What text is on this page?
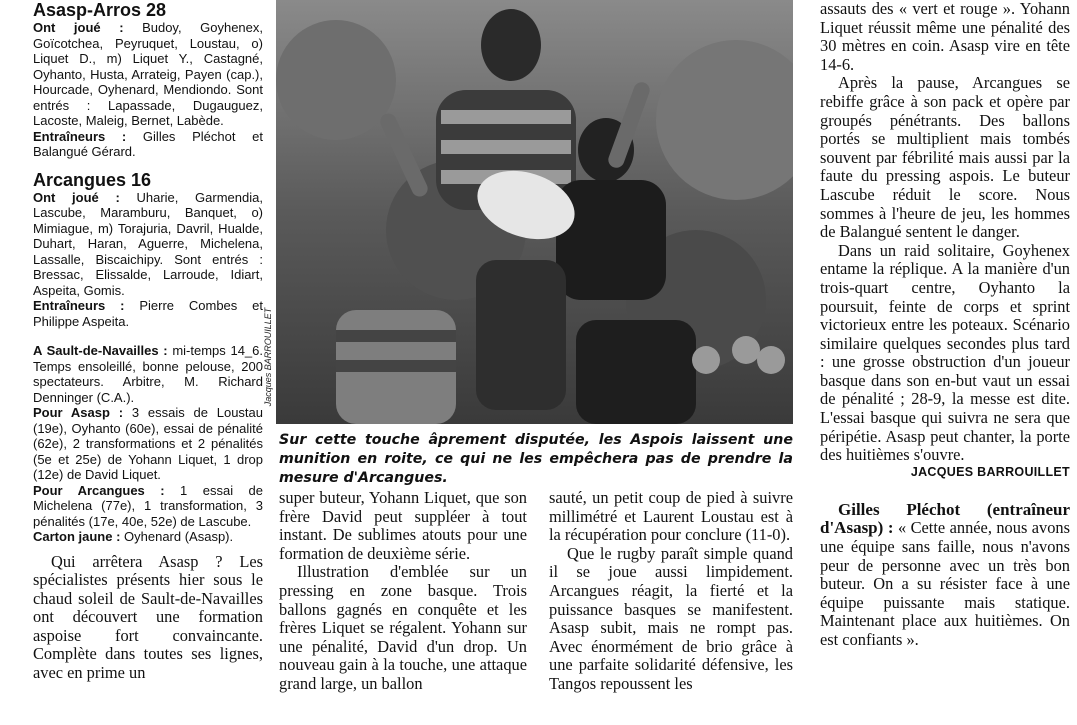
Asasp-Arros 28

Ont joué : Budoy, Goyhenex, Goïcotchea, Peyruquet, Loustau, o) Liquet D., m) Liquet Y., Castagné, Oyhanto, Husta, Arrateig, Payen (cap.), Hourcade, Oyhenard, Mendiondo. Sont entrés : Lapassade, Dugauguez, Lacoste, Maleig, Bernet, Labède.

Entraîneurs : Gilles Pléchot et Balangué Gérard.

Arcangues 16

Ont joué : Uharie, Garmendia, Lascube, Maramburu, Banquet, o) Mimiague, m) Torajuria, Davril, Hualde, Duhart, Haran, Aguerre, Michelena, Lassalle, Biscaichipy. Sont entrés : Bressac, Elissalde, Larroude, Idiart, Aspeita, Gomis.

Entraîneurs : Pierre Combes et Philippe Aspeita.

A Sault-de-Navailles : mi-temps 14_6. Temps ensoleillé, bonne pelouse, 200 spectateurs. Arbitre, M. Richard Denninger (C.A.).

Pour Asasp : 3 essais de Loustau (19e), Oyhanto (60e), essai de pénalité (62e), 2 transformations et 2 pénalités (5e et 25e) de Yohann Liquet, 1 drop (12e) de David Liquet.

Pour Arcangues : 1 essai de Michelena (77e), 1 transformation, 3 pénalités (17e, 40e, 52e) de Lascube.

Carton jaune : Oyhenard (Asasp).

Qui arrêtera Asasp ? Les spécialistes présents hier sous le chaud soleil de Sault-de-Navailles ont découvert une formation aspoise fort convaincante. Complète dans toutes ses lignes, avec en prime un

Jacques BARROUILLET

Sur cette touche âprement disputée, les Aspois laissent une munition en roite, ce qui ne les empêchera pas de prendre la mesure d'Arcangues.

super buteur, Yohann Liquet, que son frère David peut suppléer à tout instant. De sublimes atouts pour une formation de deuxième série.

Illustration d'emblée sur un pressing en zone basque. Trois ballons gagnés en conquête et les frères Liquet se régalent. Yohann sur une pénalité, David d'un drop. Un nouveau gain à la touche, une attaque grand large, un ballon

sauté, un petit coup de pied à suivre millimétré et Laurent Loustau est à la récupération pour conclure (11-0).

Que le rugby paraît simple quand il se joue aussi limpidement. Arcangues réagit, la fierté et la puissance basques se manifestent. Asasp subit, mais ne rompt pas. Avec énormément de brio grâce à une parfaite solidarité défensive, les Tangos repoussent les

assauts des « vert et rouge ». Yohann Liquet réussit même une pénalité des 30 mètres en coin. Asasp vire en tête 14-6.

Après la pause, Arcangues se rebiffe grâce à son pack et opère par groupés pénétrants. Des ballons portés se multiplient mais tombés souvent par fébrilité mais aussi par la faute du pressing aspois. Le buteur Lascube réduit le score. Nous sommes à l'heure de jeu, les hommes de Balangué sentent le danger.

Dans un raid solitaire, Goyhenex entame la réplique. A la manière d'un trois-quart centre, Oyhanto la poursuit, feinte de corps et sprint victorieux entre les poteaux. Scénario similaire quelques secondes plus tard : une grosse obstruction d'un joueur basque dans son en-but vaut un essai de pénalité ; 28-9, la messe est dite. L'essai basque qui suivra ne sera que péripétie. Asasp peut chanter, la porte des huitièmes s'ouvre.

JACQUES BARROUILLET

Gilles Pléchot (entraîneur d'Asasp) : « Cette année, nous avons une équipe sans faille, nous n'avons peur de personne avec un très bon buteur. On a su résister face à une équipe puissante mais statique. Maintenant place aux huitièmes. On est confiants ».
